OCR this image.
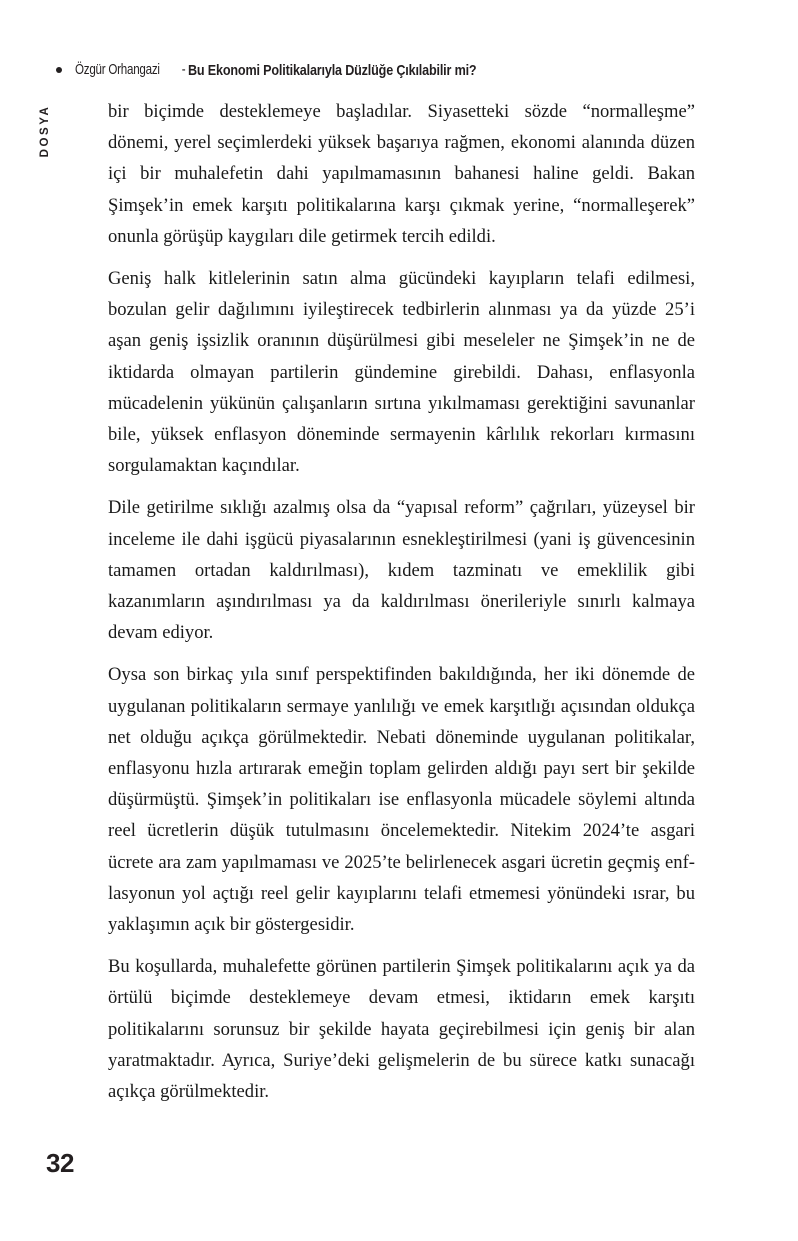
Özgür Orhangazi - Bu Ekonomi Politikalarıyla Düzlüğe Çıkılabilir mi?
DOSYA	bir biçimde desteklemeye başladılar. Siyasetteki sözde “normalleşme” dönemi, yerel seçimlerdeki yüksek başarıya rağmen, ekonomi alanında düzen içi bir muhalefetin dahi yapılmamasının bahanesi haline geldi. Bakan Şimşek’in emek karşıtı politikalarına karşı çıkmak yerine, “normalleşerek” onunla görüşüp kaygıları dile getirmek tercih edildi.

Geniş halk kitlelerinin satın alma gücündeki kayıpların telafi edilmesi, bozulan gelir dağılımını iyileştirecek tedbirlerin alınması ya da yüzde 25’i aşan geniş işsizlik oranının düşürülmesi gibi meseleler ne Şimşek’in ne de iktidarda olmayan partilerin gündemine girebildi. Dahası, enflasyonla mücadelenin yükünün çalışanların sırtına yıkılmaması gerektiğini savunanlar bile, yüksek enflasyon döneminde sermayenin kârlılık rekorları kırmasını sorgulamaktan kaçındılar.

Dile getirilme sıklığı azalmış olsa da “yapısal reform” çağrıları, yüzeysel bir inceleme ile dahi işgücü piyasalarının esnekleştirilmesi (yani iş güvencesinin tamamen ortadan kaldırılması), kıdem tazminatı ve emeklilik gibi kazanımların aşındırılması ya da kaldırılması önerileriyle sınırlı kalmaya devam ediyor.

Oysa son birkaç yıla sınıf perspektifinden bakıldığında, her iki dönemde de uygulanan politikaların sermaye yanlılığı ve emek karşıtlığı açısından oldukça net olduğu açıkça görülmektedir. Nebati döneminde uygulanan politikalar, enflasyonu hızla artırarak emeğin toplam gelirden aldığı payı sert bir şekilde düşürmüştü. Şimşek’in politikaları ise enflasyonla mücadele söylemi altında reel ücretlerin düşük tutulmasını öncelemektedir. Nitekim 2024’te asgari ücrete ara zam yapılmaması ve 2025’te belirlenecek asgari ücretin geçmiş enflasyonun yol açtığı reel gelir kayıplarını telafi etmemesi yönündeki ısrar, bu yaklaşımın açık bir göstergesidir.

Bu koşullarda, muhalefette görünen partilerin Şimşek politikalarını açık ya da örtülü biçimde desteklemeye devam etmesi, iktidarın emek karşıtı politikalarını sorunsuz bir şekilde hayata geçirebilmesi için geniş bir alan yaratmaktadır. Ayrıca, Suriye’deki gelişmelerin de bu sürece katkı sunacağı açıkça görülmektedir.

32
